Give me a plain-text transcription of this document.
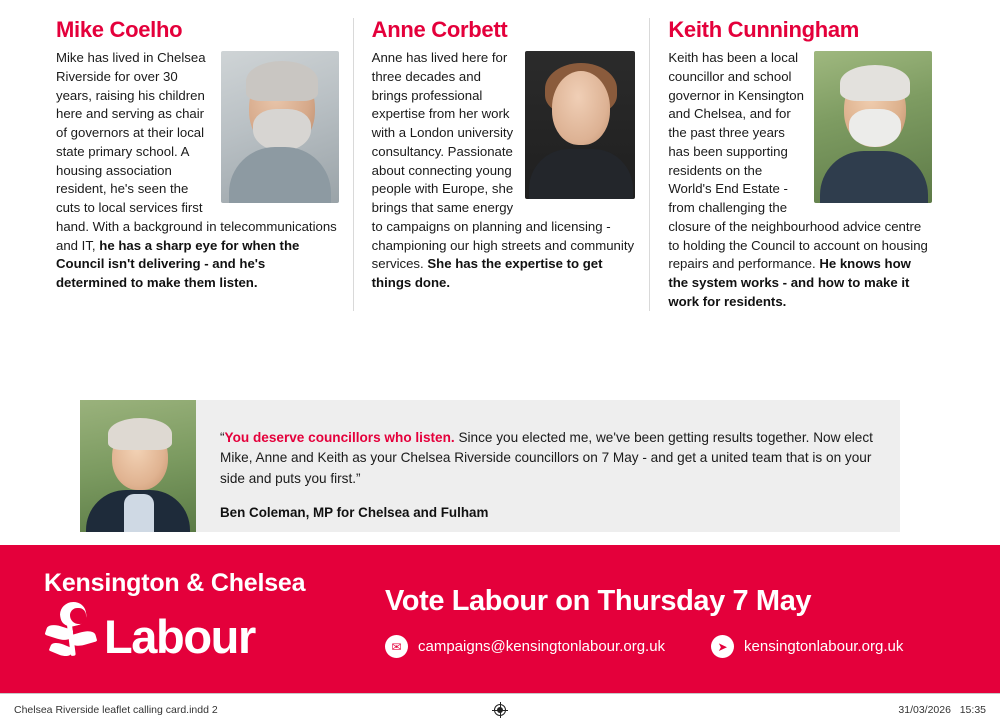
Mike Coelho
Mike has lived in Chelsea Riverside for over 30 years, raising his children here and serving as chair of governors at their local state primary school. A housing association resident, he's seen the cuts to local services first hand. With a background in telecommunications and IT, he has a sharp eye for when the Council isn't delivering - and he's determined to make them listen.
Anne Corbett
Anne has lived here for three decades and brings professional expertise from her work with a London university consultancy. Passionate about connecting young people with Europe, she brings that same energy to campaigns on planning and licensing - championing our high streets and community services. She has the expertise to get things done.
Keith Cunningham
Keith has been a local councillor and school governor in Kensington and Chelsea, and for the past three years has been supporting residents on the World's End Estate - from challenging the closure of the neighbourhood advice centre to holding the Council to account on housing repairs and performance. He knows how the system works - and how to make it work for residents.
“You deserve councillors who listen. Since you elected me, we've been getting results together. Now elect Mike, Anne and Keith as your Chelsea Riverside councillors on 7 May - and get a united team that is on your side and puts you first.”
Ben Coleman, MP for Chelsea and Fulham
Kensington & Chelsea
Labour
Vote Labour on Thursday 7 May
✉	campaigns@kensingtonlabour.org.uk	➤	kensingtonlabour.org.uk
Chelsea Riverside leaflet calling card.indd 2	31/03/2026 15:35
